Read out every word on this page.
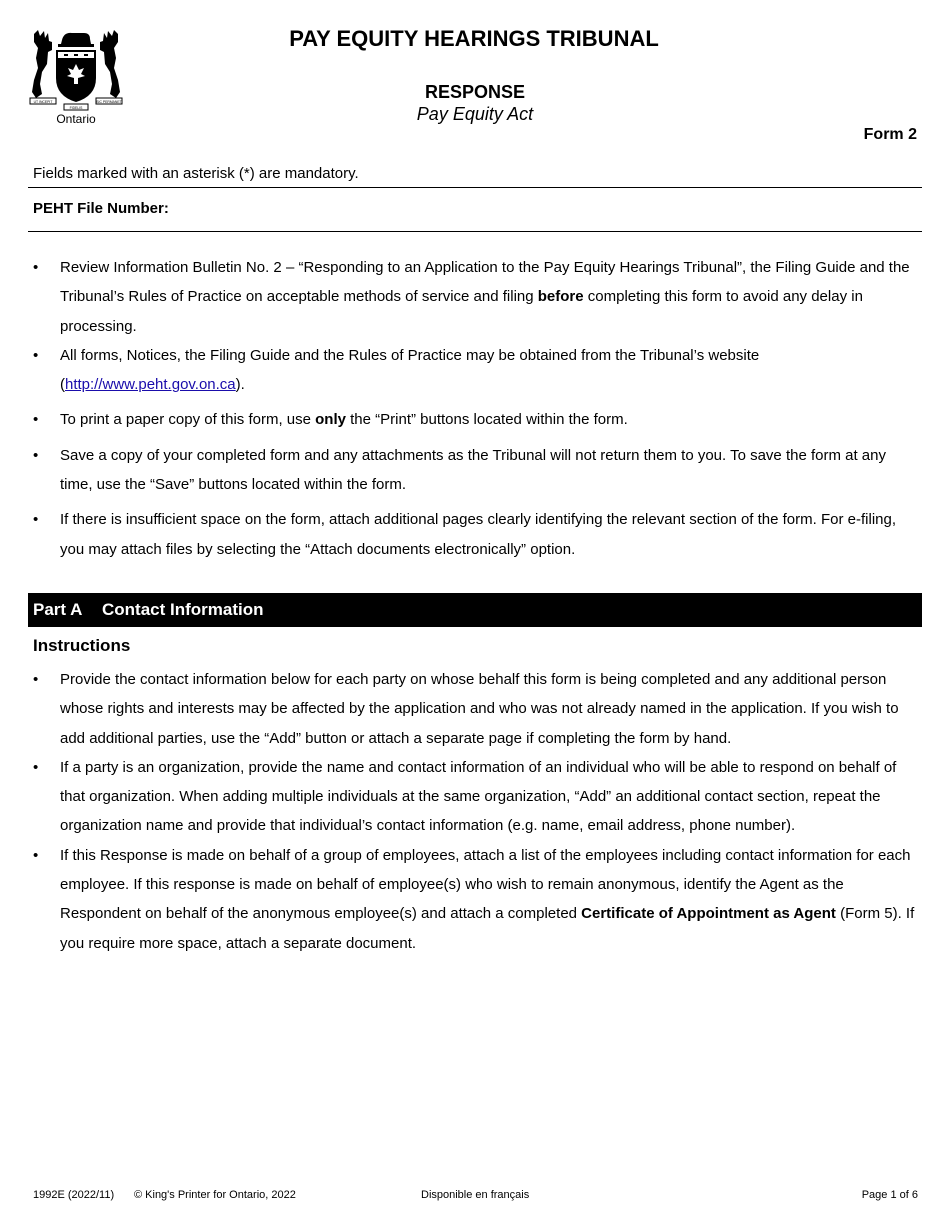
UT INCEPIT
FIDELIS
SIC PERMANET
Ontario
PAY EQUITY HEARINGS TRIBUNAL
RESPONSE
Pay Equity Act
Form 2
Fields marked with an asterisk (*) are mandatory.
PEHT File Number:
• Review Information Bulletin No. 2 – “Responding to an Application to the Pay Equity Hearings Tribunal”, the Filing Guide and the Tribunal’s Rules of Practice on acceptable methods of service and filing before completing this form to avoid any delay in processing.
• All forms, Notices, the Filing Guide and the Rules of Practice may be obtained from the Tribunal’s website (http://www.peht.gov.on.ca).
• To print a paper copy of this form, use only the “Print” buttons located within the form.
• Save a copy of your completed form and any attachments as the Tribunal will not return them to you. To save the form at any time, use the “Save” buttons located within the form.
• If there is insufficient space on the form, attach additional pages clearly identifying the relevant section of the form. For e-filing, you may attach files by selecting the “Attach documents electronically” option.
Part A Contact Information
Instructions
• Provide the contact information below for each party on whose behalf this form is being completed and any additional person whose rights and interests may be affected by the application and who was not already named in the application. If you wish to add additional parties, use the “Add” button or attach a separate page if completing the form by hand.
• If a party is an organization, provide the name and contact information of an individual who will be able to respond on behalf of that organization. When adding multiple individuals at the same organization, “Add” an additional contact section, repeat the organization name and provide that individual’s contact information (e.g. name, email address, phone number).
• If this Response is made on behalf of a group of employees, attach a list of the employees including contact information for each employee. If this response is made on behalf of employee(s) who wish to remain anonymous, identify the Agent as the Respondent on behalf of the anonymous employee(s) and attach a completed Certificate of Appointment as Agent (Form 5). If you require more space, attach a separate document.
1992E (2022/11) © King's Printer for Ontario, 2022	Disponible en français	Page 1 of 6
